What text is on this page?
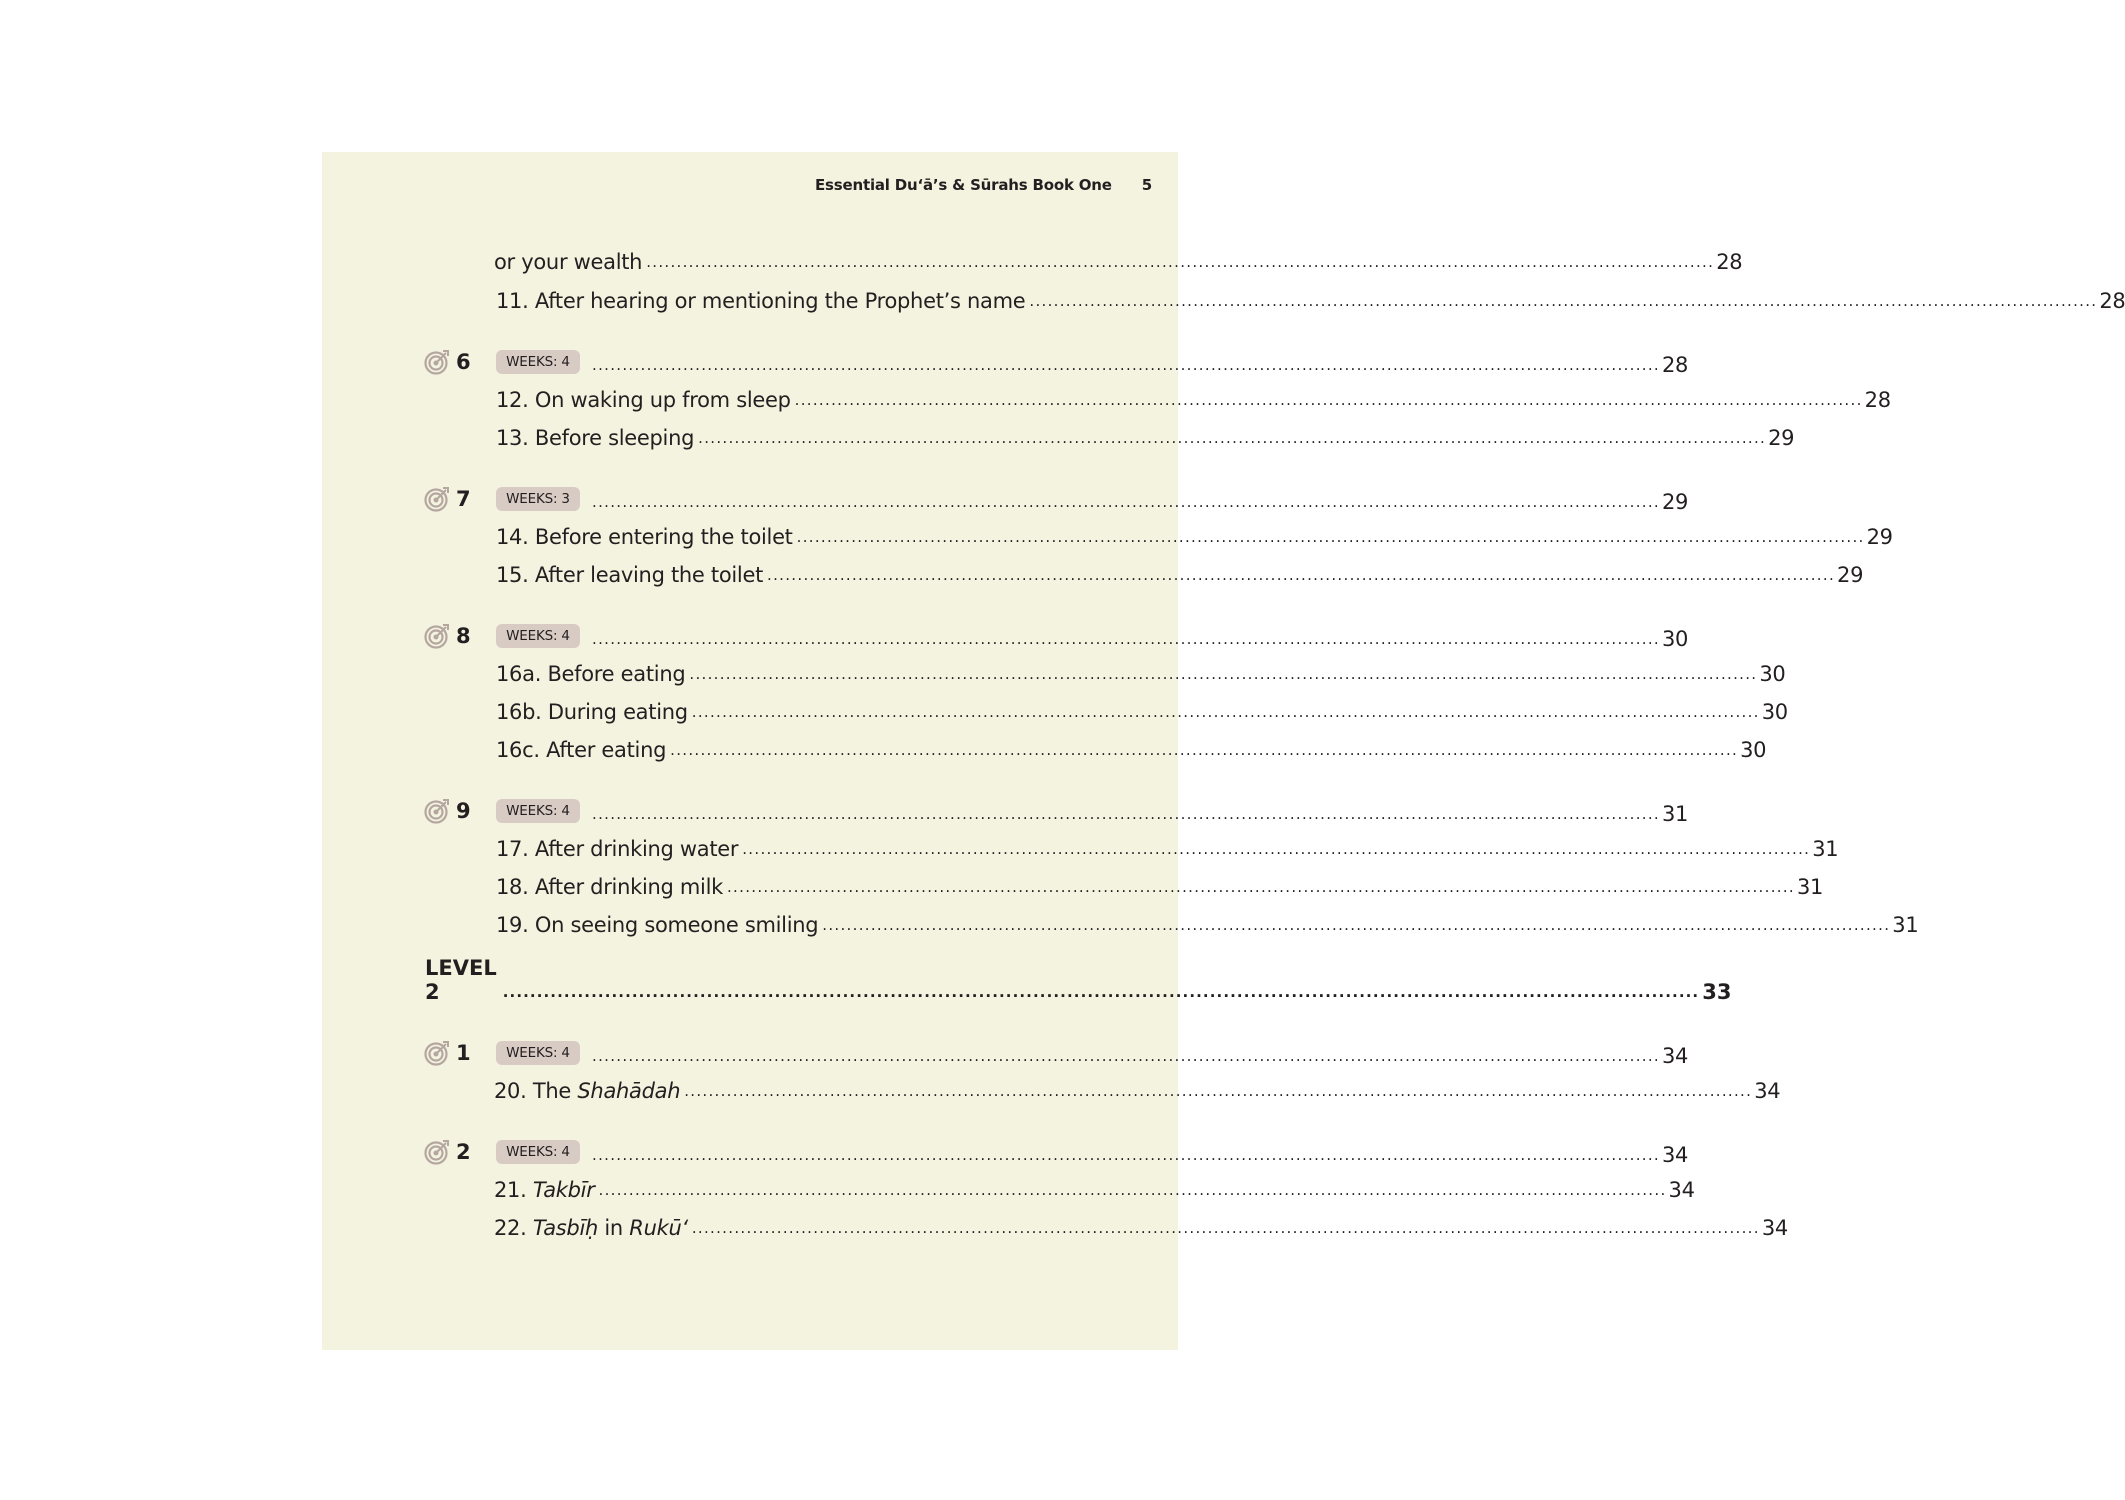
Essential Du‘ā’s & Sūrahs Book One 5
or your wealth ................................................................................................................................................................................ 28
11. After hearing or mentioning the Prophet’s name ................................................................................................................................................................................ 28
6	WEEKS: 4	................................................................................................................................................................................ 28
12. On waking up from sleep ................................................................................................................................................................................ 28
13. Before sleeping ................................................................................................................................................................................ 29
7	WEEKS: 3	................................................................................................................................................................................ 29
14. Before entering the toilet ................................................................................................................................................................................ 29
15. After leaving the toilet ................................................................................................................................................................................ 29
8	WEEKS: 4	................................................................................................................................................................................ 30
16a. Before eating ................................................................................................................................................................................ 30
16b. During eating ................................................................................................................................................................................ 30
16c. After eating ................................................................................................................................................................................ 30
9	WEEKS: 4	................................................................................................................................................................................ 31
17. After drinking water ................................................................................................................................................................................ 31
18. After drinking milk ................................................................................................................................................................................ 31
19. On seeing someone smiling ................................................................................................................................................................................ 31
LEVEL 2	................................................................................................................................................................................ 33
1	WEEKS: 4	................................................................................................................................................................................ 34
20. The Shahādah ................................................................................................................................................................................ 34
2	WEEKS: 4	................................................................................................................................................................................ 34
21. Takbīr ................................................................................................................................................................................ 34
22. Tasbīḥ in Rukū‘ ................................................................................................................................................................................ 34
